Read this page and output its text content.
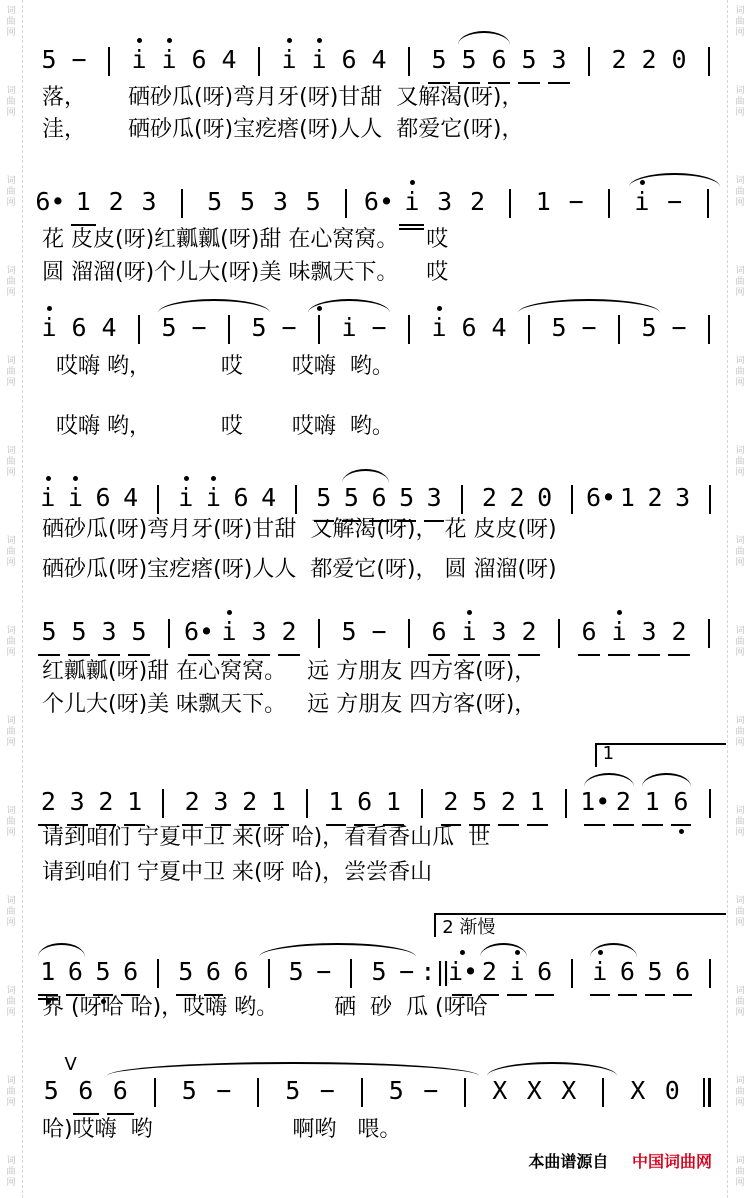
词曲网
词曲网
词曲网
词曲网
词曲网
词曲网
词曲网
词曲网
词曲网
词曲网
词曲网
词曲网
词曲网
词曲网
词曲网
词曲网
词曲网
词曲网
词曲网
词曲网
词曲网
词曲网
词曲网
词曲网
词曲网
词曲网
词曲网
词曲网
5 − i i 6 4 i i 6 4 5 5 6 5 3 2 2 0
落，      硒砂瓜(呀)弯月牙(呀)甘甜  又解渴(呀)，
洼，      硒砂瓜(呀)宝疙瘩(呀)人人  都爱它(呀)，
6• 1 2 3	5 5 3 5	6• i 3 2	1 −	i −
花 皮皮(呀)红瓤瓤(呀)甜 在心窝窝。    哎
圆 溜溜(呀)个儿大(呀)美 味飘天下。    哎
i 6 4 5 − 5 − i − i 6 4 5 − 5 −
哎嗨 哟，          哎       哎嗨  哟。
哎嗨 哟，          哎       哎嗨  哟。
i i 6 4 i i 6 4 5 5 6 5 3 2 2 0 6• 1 2 3
硒砂瓜(呀)弯月牙(呀)甘甜  又解渴(呀)， 花 皮皮(呀)
硒砂瓜(呀)宝疙瘩(呀)人人  都爱它(呀)， 圆 溜溜(呀)
5 5 3 5 6• i 3 2 5 − 6 i 3 2 6 i 3 2
红瓤瓤(呀)甜 在心窝窝。   远 方朋友 四方客(呀)，
个儿大(呀)美 味飘天下。   远 方朋友 四方客(呀)，
2 3 2 1 2 3 2 1 1 6 1 2 5 2 1 1• 2 1 6
1
请到咱们 宁夏中卫 来(呀 哈)，看看香山瓜  世
请到咱们 宁夏中卫 来(呀 哈)，尝尝香山
1 6 5 6 5 6 6 5 − 5 − :‖
i• 2 i 6 i 6 5 6
2 渐慢
界 (呀哈 哈)，哎嗨 哟。        硒  砂  瓜 (呀哈
5 6 6	5 −	5 −	5 −	X X X	X 0
V
哈)哎嗨  哟                    啊哟   喂。
本曲谱源自 中国词曲网
